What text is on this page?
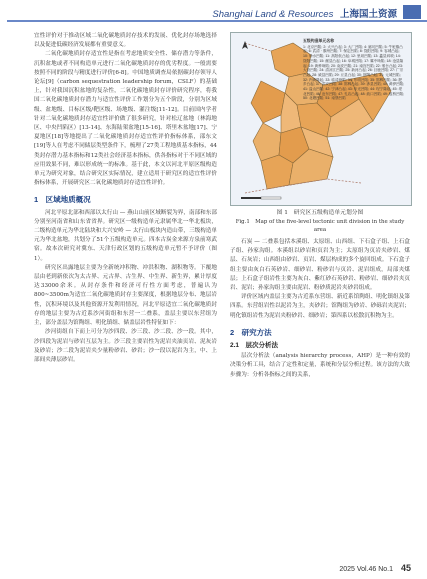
Shanghai Land & Resources 上海国土资源

宜性评价对于推动区域二氧化碳地质封存技术的发展、优化封存场地选择以及促进低碳经济发展都有重要意义。

二氧化碳地质封存适宜性是指在考虑地质安全性、储存潜力等条件，沉积盆地或者不同构造单元进行二氧化碳地质封存的优劣程度。一般需要按照不同的阶段与精度进行评价[6-8]。中国地质调查局依据碳封存领导人论坛[9]（carbon sequestration leadership forum，CSLF）的基础上，针对我国沉积盆地的复杂性，二氧化碳地质封存评价研究程序，将我国二氧化碳地质封存潜力与适宜性评价工作划分为五个阶段，分别为区域级、盆地级、目标区级/靶区级、场地级、灌注级[11-12]。目前国内学者针对二氧化碳地质封存适宜性评价做了很多研究，针对松辽盆地（林海地区、中央凹陷区）[13-14]、东海陆架盆地[15-16]、塔里木盆地[17]、宁夏地区[18]等地提出了二氧化碳地质封存适宜性评价指标体系，邵东文[19]等人在考虑不同储层类型条件下，梳理了27类工程地质基本指标，44类封存潜力基本指标和12类社会经济基本指标，供各指标对于不同区域的应用效果不同，难以形成统一的标准。基于此，本文以河北平原区级构造单元为研究对象，结合研究区实际情况，建立适用于研究区的适宜性评价指标体系，开展研究区二氧化碳地质封存适宜性评价。

1　区域地质概况

河北平原北部和西部以太行山 — 燕山山前区域断裂为界，南部和东部分别至河南省和山东省省界。研究区一级构造单元隶属华北一华北板块，二级构造单元为华北陆块和大兴安岭 — 太行山板块内造山带，三级构造单元为华北盆地，共划分了51个五级构造单元。四本古炭金来源方泉前寒武宿。故本次研究对冀东、天津行政区划的五级构造单元暂不予评价（图1）。

研究区出露地层主要为全新统冲积物、冲洪积物、湖积物等。下覆地层由老到新依次为太古界、元古界、古生界、中生界、新生界，累计厚度达33000余米。从封存条件和经济可行性方面考虑，普遍认为800~3500m为适宜二氧化碳地质封存主要深度，根据地层分布、地层岩性，沉积环境以及其他资源开发利用情况，河北平原适宜二氧化碳地质封存的地层主要为古近系沙河街组和东营一二叠系，盖层主要以东营组为主，部分盖层为馆陶组、明化镇组、储盖层岩性特征如下：

沙河街组自下而上可分为沙四段、沙三段、沙二段、沙一段。其中，沙四段为泥岩与砂岩互层为主。沙三段主要岩性为泥岩夹油页岩、泥灰岩及砂岩；沙二段为泥岩夹少量粉砂岩、砂岩；沙一段以泥岩为主，中、上部间夹薄层砂岩。

五级构造单元名称
1: 北京凹陷; 2: 大兴凸起; 3: 大厂凹陷; 4: 廊坊凹陷; 5: 牛驼镇凸起; 6: 武清 · 霸州凹陷; 7: 保定凹陷; 8: 饶阳凹陷; 9: 容城凸起; 10: 徐水凹陷; 11: 高阳低凸起; 12: 里坦凹陷; 13: 蠡县斜坡; 14: 饶阳凹陷; 15: 献县凸起; 16: 阜城凹陷; 17: 冀中坳陷; 18: 沧县隆起; 19: 黄骅坳陷; 20: 南皮凹陷; 21: 南宫凹陷; 22: 邢台凸起; 23: 大营凹陷; 24: 清凉江凹陷; 25: 新河凸起; 26: 巨鹿凹陷; 27: 广宗凸起; 28: 威县凹陷; 29: 丘县凸起; 30: 馆陶凸起; 31: 元城凹陷; 32: 内黄隆起; 33: 临清坳陷; 34: 东明凹陷; 35: 邯郸凹陷; 36: 肥乡凸起; 37: 武安凹陷; 38: 邯郸凸起; 39: 涉县凹陷; 40: 黄骅凹陷; 41: 盐山凹陷; 42: 宁津凸起; 43: 东光凹陷; 44: 埕宁隆起; 45: 埕北凹陷; 46: 沧东凹陷; 47: 孔店凸起; 48: 歧口凹陷; 49: 板桥凹陷; 50: 北塘凹陷; 51: 南堡凹陷
图 1　研究区五级构造单元划分图
Fig.1　Map of the five-level tectonic unit division in the study area

石炭 — 二叠系包括本溪组、太原组、山西组、下石盒子组、上石盒子组、孙家沟组。本溪组以砂岩和页岩为主；太原组为页岩夹砂岩、煤层、石灰岩；山西组由砂岩、页岩、煤层构成的多个旋回组成。下石盒子组主要由灰白石英砂岩、细砂岩、粉砂岩与页岩、泥岩组成，局部夹煤层；上石盒子组岩性主要为灰白、紫红砂石英砂岩、粉砂岩、细砂岩夹页岩、泥岩；孙家沟组主要由泥岩、粉砂质泥岩夹砂岩组成。

评价区域内盖层主要为古近系东营组、新近系馆陶组、明化镇组及第四系。东营组岩性以泥岩为主，夹砂岩；馆陶组为砂岩、砂砾岩夹泥岩；明化镇组岩性为泥岩夹粉砂岩、细砂岩；第四系以松散沉积物为主。

2　研究方法
2.1　层次分析法

层次分析法（analysis hierarchy process，AHP）是一种有效的决策分析工具，结合了定性和定量，系统和分层分析过程。该方法的大致步骤为：分析各指标之间的关系，

2025 Vol.46 No.1 45
